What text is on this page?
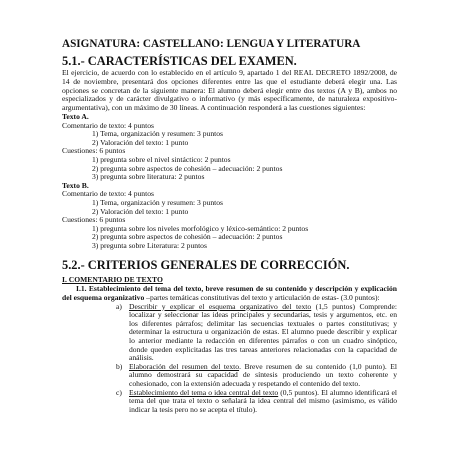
ASIGNATURA: CASTELLANO: LENGUA Y LITERATURA
5.1.- CARACTERÍSTICAS DEL EXAMEN.

El ejercicio, de acuerdo con lo establecido en el artículo 9, apartado 1 del REAL DECRETO 1892/2008, de 14 de noviembre, presentará dos opciones diferentes entre las que el estudiante deberá elegir una. Las opciones se concretan de la siguiente manera: El alumno deberá elegir entre dos textos (A y B), ambos no especializados y de carácter divulgativo o informativo (y más específicamente, de naturaleza expositivo-argumentativa), con un máximo de 30 líneas. A continuación responderá a las cuestiones siguientes:

Texto A.
Comentario de texto: 4 puntos
1) Tema, organización y resumen: 3 puntos
2) Valoración del texto: 1 punto
Cuestiones: 6 puntos
1) pregunta sobre el nivel sintáctico: 2 puntos
2) pregunta sobre aspectos de cohesión – adecuación: 2 puntos
3) pregunta sobre literatura: 2 puntos
Texto B.
Comentario de texto: 4 puntos
1) Tema, organización y resumen: 3 puntos
2) Valoración del texto: 1 punto
Cuestiones: 6 puntos
1) pregunta sobre los niveles morfológico y léxico-semántico: 2 puntos
2) pregunta sobre aspectos de cohesión – adecuación: 2 puntos
3) pregunta sobre Literatura: 2 puntos
5.2.- CRITERIOS GENERALES DE CORRECCIÓN.
I. COMENTARIO DE TEXTO

I.1. Establecimiento del tema del texto, breve resumen de su contenido y descripción y explicación del esquema organizativo –partes temáticas constitutivas del texto y articulación de estas- (3.0 puntos):

a) Describir y explicar el esquema organizativo del texto (1,5 puntos) Comprende: localizar y seleccionar las ideas principales y secundarias, tesis y argumentos, etc. en los diferentes párrafos; delimitar las secuencias textuales o partes constitutivas; y determinar la estructura u organización de estas. El alumno puede describir y explicar lo anterior mediante la redacción en diferentes párrafos o con un cuadro sinóptico, donde queden explicitadas las tres tareas anteriores relacionadas con la capacidad de análisis.
b) Elaboración del resumen del texto. Breve resumen de su contenido (1,0 punto). El alumno demostrará su capacidad de síntesis produciendo un texto coherente y cohesionado, con la extensión adecuada y respetando el contenido del texto.
c) Establecimiento del tema o idea central del texto (0,5 puntos). El alumno identificará el tema del que trata el texto o señalará la idea central del mismo (asimismo, es válido indicar la tesis pero no se acepta el título).
